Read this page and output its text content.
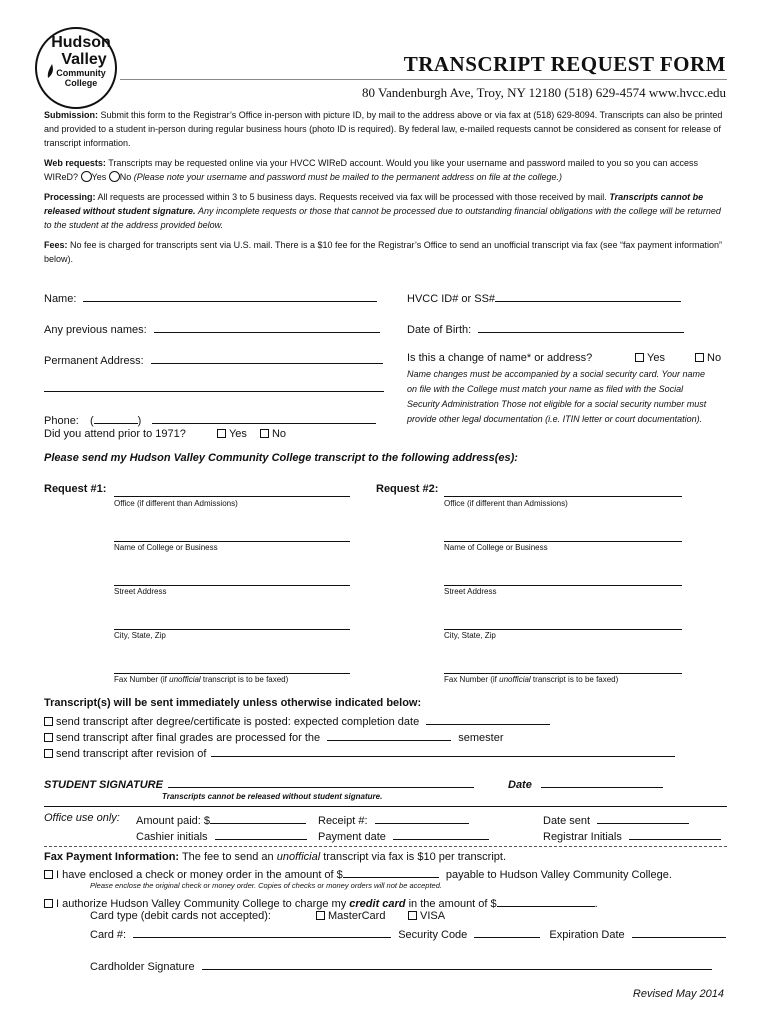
Hudson
Valley
Community
College
TRANSCRIPT REQUEST FORM
80 Vandenburgh Ave, Troy, NY 12180 (518) 629-4574 www.hvcc.edu

Submission: Submit this form to the Registrar’s Office in-person with picture ID, by mail to the address above or via fax at (518) 629-8094. Transcripts can also be printed and provided to a student in-person during regular business hours (photo ID is required). By federal law, e-mailed requests cannot be considered as consent for release of transcript information.

Web requests: Transcripts may be requested online via your HVCC WIReD account. Would you like your username and password mailed to you so you can access WIReD? Yes No (Please note your username and password must be mailed to the permanent address on file at the college.)

Processing: All requests are processed within 3 to 5 business days. Requests received via fax will be processed with those received by mail. Transcripts cannot be released without student signature. Any incomplete requests or those that cannot be processed due to outstanding financial obligations with the college will be returned to the student at the address provided below.

Fees: No fee is charged for transcripts sent via U.S. mail. There is a $10 fee for the Registrar’s Office to send an unofficial transcript via fax (see “fax payment information” below).

Name:	HVCC ID# or SS#
Any previous names:	Date of Birth:
Permanent Address:	Is this a change of name* or address?	Yes	No
Name changes must be accompanied by a social security card. Your name on file with the College must match your name as filed with the Social Security Administration Those not eligible for a social security number must provide other legal documentation (i.e. ITIN letter or court documentation).
Phone: (	)
Did you attend prior to 1971?	Yes No
Please send my Hudson Valley Community College transcript to the following address(es):
Request #1:
Office (if different than Admissions)
Name of College or Business
Street Address
City, State, Zip
Fax Number (if unofficial transcript is to be faxed)
Request #2:
Office (if different than Admissions)
Name of College or Business
Street Address
City, State, Zip
Fax Number (if unofficial transcript is to be faxed)
Transcript(s) will be sent immediately unless otherwise indicated below:
send transcript after degree/certificate is posted: expected completion date
send transcript after final grades are processed for the	semester
send transcript after revision of
STUDENT SIGNATURE	Date
Transcripts cannot be released without student signature.
Office use only: Amount paid: $	Receipt #:	Date sent
Cashier initials	Payment date	Registrar Initials
Fax Payment Information: The fee to send an unofficial transcript via fax is $10 per transcript.
I have enclosed a check or money order in the amount of $	payable to Hudson Valley Community College.
Please enclose the original check or money order. Copies of checks or money orders will not be accepted.
I authorize Hudson Valley Community College to charge my credit card in the amount of $	.
Card type (debit cards not accepted):	MasterCard	VISA
Card #:	Security Code	Expiration Date
Cardholder Signature
Revised May 2014
